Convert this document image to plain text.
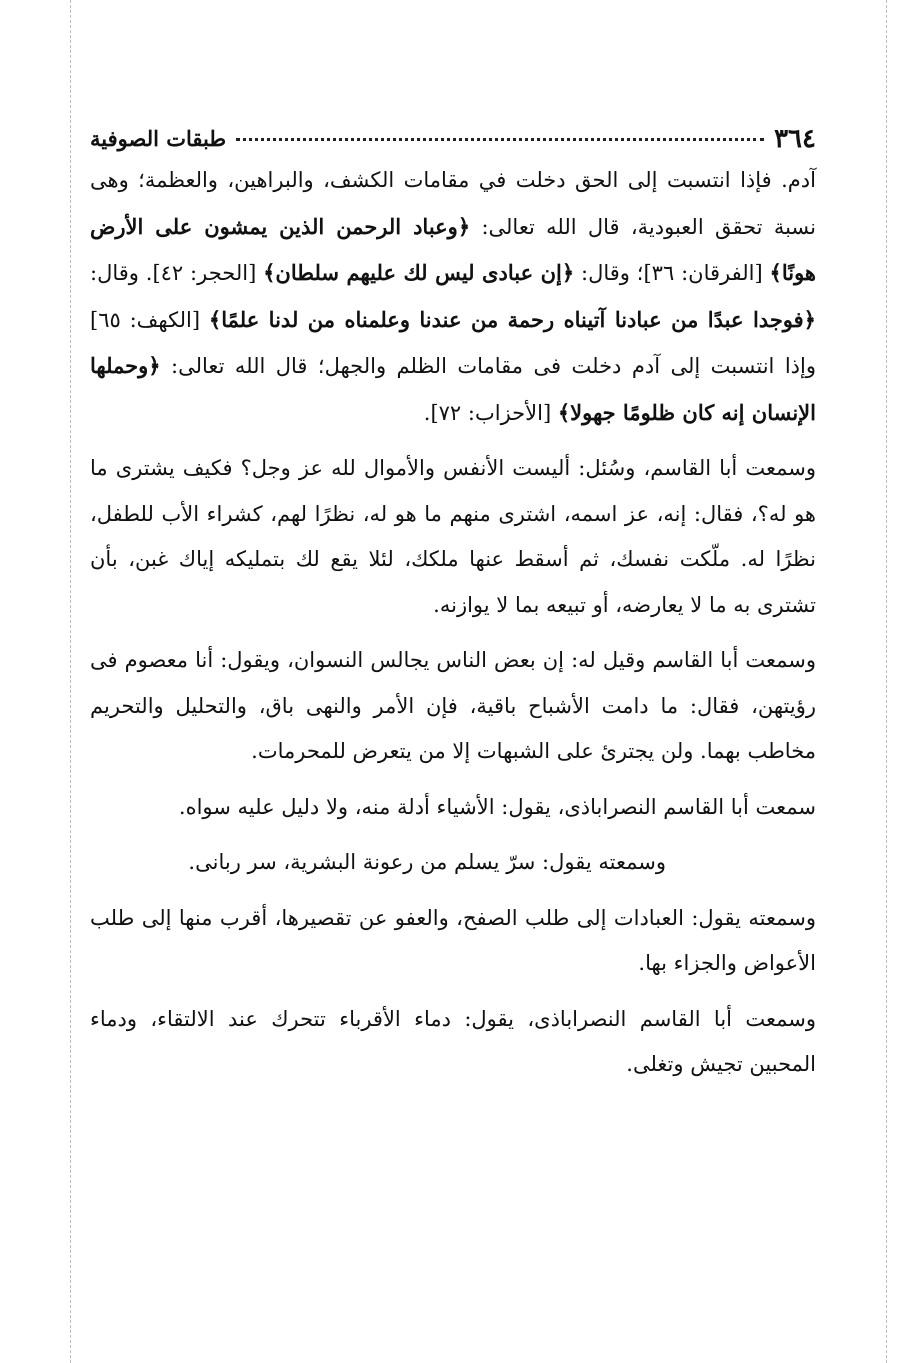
٣٦٤
طبقات الصوفية

آدم. فإذا انتسبت إلى الحق دخلت في مقامات الكشف، والبراهين، والعظمة؛ وهى نسبة تحقق العبودية، قال الله تعالى: ﴿وعباد الرحمن الذين يمشون على الأرض هونًا﴾ [الفرقان: ٣٦]؛ وقال: ﴿إن عبادى ليس لك عليهم سلطان﴾ [الحجر: ٤٢]. وقال: ﴿فوجدا عبدًا من عبادنا آتيناه رحمة من عندنا وعلمناه من لدنا علمًا﴾ [الكهف: ٦٥] وإذا انتسبت إلى آدم دخلت فى مقامات الظلم والجهل؛ قال الله تعالى: ﴿وحملها الإنسان إنه كان ظلومًا جهولا﴾ [الأحزاب: ٧٢].

وسمعت أبا القاسم، وسُئل: أليست الأنفس والأموال لله عز وجل؟ فكيف يشترى ما هو له؟، فقال: إنه، عز اسمه، اشترى منهم ما هو له، نظرًا لهم، كشراء الأب للطفل، نظرًا له. ملّكت نفسك، ثم أسقط عنها ملكك، لئلا يقع لك بتمليكه إياك غبن، بأن تشترى به ما لا يعارضه، أو تبيعه بما لا يوازنه.

وسمعت أبا القاسم وقيل له: إن بعض الناس يجالس النسوان، ويقول: أنا معصوم فى رؤيتهن، فقال: ما دامت الأشباح باقية، فإن الأمر والنهى باق، والتحليل والتحريم مخاطب بهما. ولن يجترئ على الشبهات إلا من يتعرض للمحرمات.

سمعت أبا القاسم النصراباذى، يقول: الأشياء أدلة منه، ولا دليل عليه سواه.

وسمعته يقول: سرّ يسلم من رعونة البشرية، سر ربانى.

وسمعته يقول: العبادات إلى طلب الصفح، والعفو عن تقصيرها، أقرب منها إلى طلب الأعواض والجزاء بها.

وسمعت أبا القاسم النصراباذى، يقول: دماء الأقرباء تتحرك عند الالتقاء، ودماء المحبين تجيش وتغلى.
